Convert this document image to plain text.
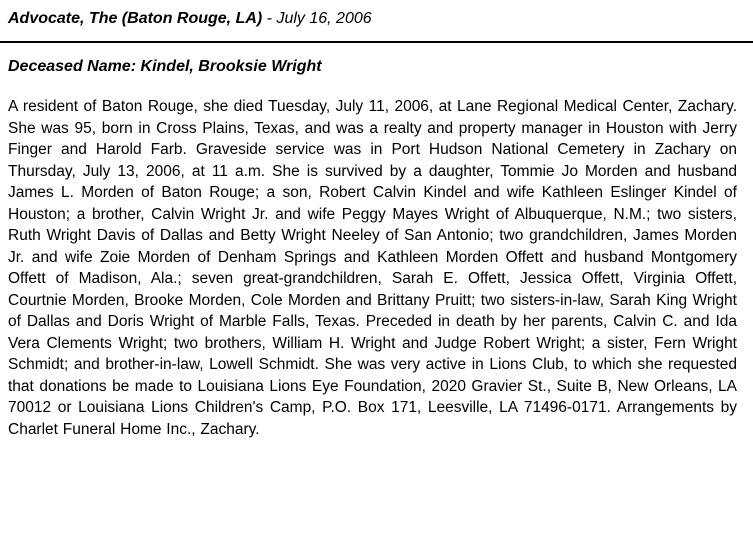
Advocate, The (Baton Rouge, LA) - July 16, 2006
Deceased Name: Kindel, Brooksie Wright
A resident of Baton Rouge, she died Tuesday, July 11, 2006, at Lane Regional Medical Center, Zachary. She was 95, born in Cross Plains, Texas, and was a realty and property manager in Houston with Jerry Finger and Harold Farb. Graveside service was in Port Hudson National Cemetery in Zachary on Thursday, July 13, 2006, at 11 a.m. She is survived by a daughter, Tommie Jo Morden and husband James L. Morden of Baton Rouge; a son, Robert Calvin Kindel and wife Kathleen Eslinger Kindel of Houston; a brother, Calvin Wright Jr. and wife Peggy Mayes Wright of Albuquerque, N.M.; two sisters, Ruth Wright Davis of Dallas and Betty Wright Neeley of San Antonio; two grandchildren, James Morden Jr. and wife Zoie Morden of Denham Springs and Kathleen Morden Offett and husband Montgomery Offett of Madison, Ala.; seven great-grandchildren, Sarah E. Offett, Jessica Offett, Virginia Offett, Courtnie Morden, Brooke Morden, Cole Morden and Brittany Pruitt; two sisters-in-law, Sarah King Wright of Dallas and Doris Wright of Marble Falls, Texas. Preceded in death by her parents, Calvin C. and Ida Vera Clements Wright; two brothers, William H. Wright and Judge Robert Wright; a sister, Fern Wright Schmidt; and brother-in-law, Lowell Schmidt. She was very active in Lions Club, to which she requested that donations be made to Louisiana Lions Eye Foundation, 2020 Gravier St., Suite B, New Orleans, LA 70012 or Louisiana Lions Children's Camp, P.O. Box 171, Leesville, LA 71496-0171. Arrangements by Charlet Funeral Home Inc., Zachary.
